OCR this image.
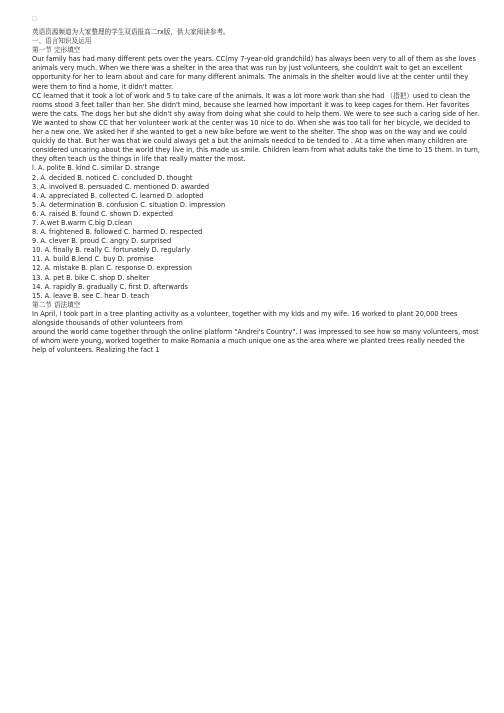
□
英语资源频道为大家整理的学生双语报高二rx版，供大家阅读参考。
一、语言知识及运用
第一节 完形填空

Our family has had many different pets over the years. CC(my 7-year-old grandchild) has always been very to all of them as she loves animals very much. When we there was a shelter in the area that was run by just volunteers, she couldn't wait to get an excellent opportunity for her to learn about and care for many different animals. The animals in the shelter would live at the center until they were them to find a home, it didn't matter.

CC learned that it took a lot of work and 5 to take care of the animals. It was a lot more work than she had （指把）used to clean the rooms stood 3 feet taller than her. She didn't mind, because she learned how important it was to keep cages for them. Her favorites were the cats. The dogs her but she didn't shy away from doing what she could to help them. We were to see such a caring side of her.

We wanted to show CC that her volunteer work at the center was 10 nice to do. When she was too tall for her bicycle, we decided to her a new one. We asked her if she wanted to get a new bike before we went to the shelter. The shop was on the way and we could quickly do that. But her was that we could always get a but the animals needcd to be tended to . At a time when many children are considered uncaring about the world they live in, this made us smile. Children learn from what adults take the time to 15 them. In turn, they often teach us the things in life that really matter the most.

l. A. polite B. kind C. similar D. strange
2. A. decided B. noticed C. concluded D. thought
3. A. involved B. persuaded C. mentioned D. awarded
4. A. appreciated B. collected C. learned D. adopted
5. A. determination B. confusion C. situation D. impression
6. A. raised B. found C. shown D. expected
7. A.wet B.warm C.big D.clean
8. A. frightened B. followed C. harmed D. respected
9. A. clever B. proud C. angry D. surprised
10. A. finally B. really C. fortunately D. regularly
11. A. build B.lend C. buy D. promise
12. A. mistake B. plan C. response D. expression
13. A. pet B. bike C. shop D. shelter
14. A. rapidly B. gradually C. first D. afterwards
15. A. leave B. see C. hear D. teach
第二节 语法填空

In April, I took part in a tree planting activity as a volunteer, together with my kids and my wife. 16 worked to plant 20,000 trees alongside thousands of other volunteers from

around the world came together through the online platform "Andrei's Country". I was impressed to see how so many volunteers, most of whom were young, worked together to make Romania a much unique one as the area where we planted trees really needed the help of volunteers. Realizing the fact 1
